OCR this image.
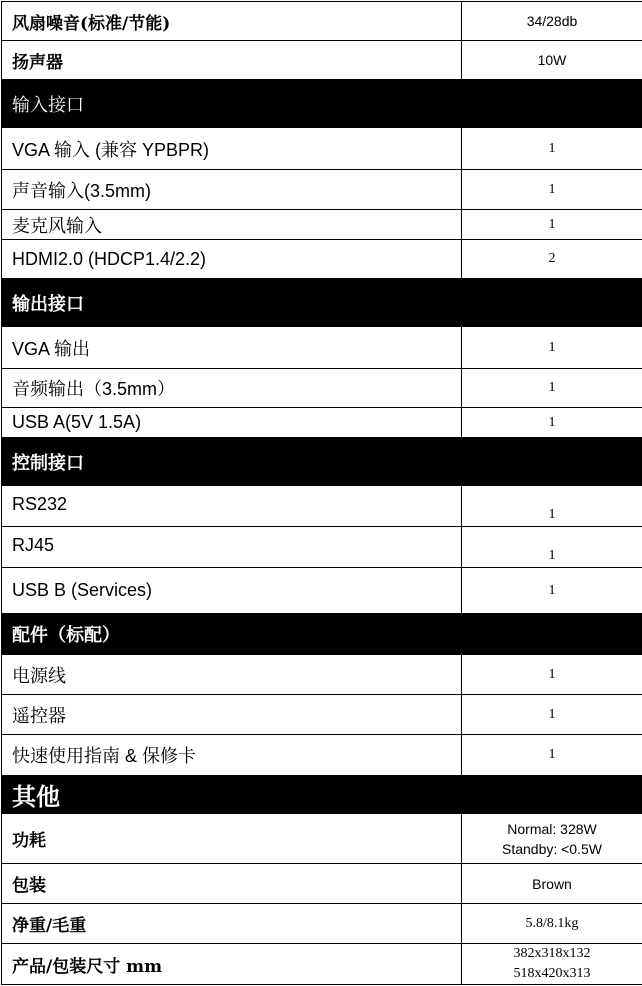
风扇噪音(标准/节能)	34/28db
扬声器	10W
输入接口	
VGA 输入 (兼容 YPBPR)	1
声音输入(3.5mm)	1
麦克风输入	1
HDMI2.0 (HDCP1.4/2.2)	2
输出接口	
VGA 输出	1
音频输出（3.5mm）	1
USB A(5V 1.5A)	1
控制接口	
RS232	1
RJ45	1
USB B (Services)	1
配件（标配）	
电源线	1
遥控器	1
快速使用指南 & 保修卡	1
其他	
功耗	Normal: 328W
Standby: <0.5W

包装	Brown
净重/毛重	5.8/8.1kg
产品/包装尺寸 mm	382x318x132
518x420x313
